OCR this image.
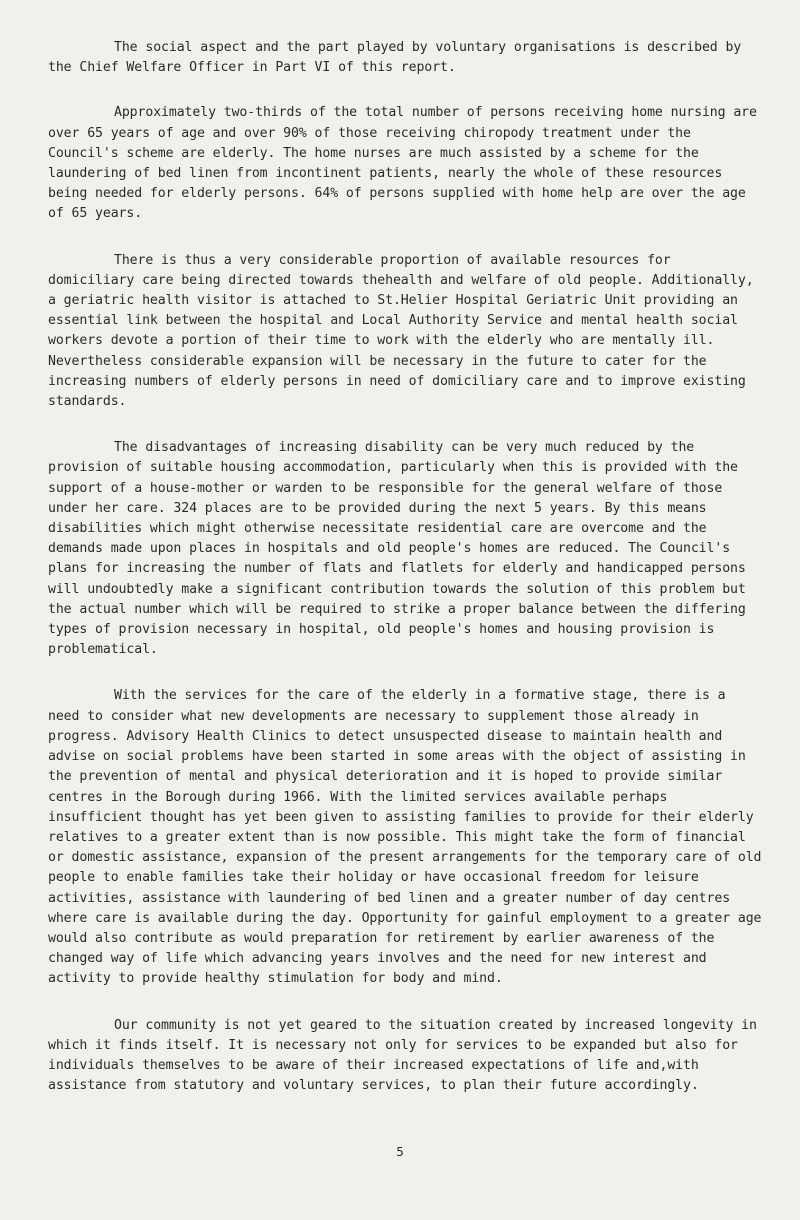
The social aspect and the part played by voluntary organisations is described by the Chief Welfare Officer in Part VI of this report.

Approximately two-thirds of the total number of persons receiving home nursing are over 65 years of age and over 90% of those receiving chiropody treatment under the Council's scheme are elderly. The home nurses are much assisted by a scheme for the laundering of bed linen from incontinent patients, nearly the whole of these resources being needed for elderly persons. 64% of persons supplied with home help are over the age of 65 years.

There is thus a very considerable proportion of available resources for domiciliary care being directed towards thehealth and welfare of old people. Additionally, a geriatric health visitor is attached to St.Helier Hospital Geriatric Unit providing an essential link between the hospital and Local Authority Service and mental health social workers devote a portion of their time to work with the elderly who are mentally ill. Nevertheless considerable expansion will be necessary in the future to cater for the increasing numbers of elderly persons in need of domiciliary care and to improve existing standards.

The disadvantages of increasing disability can be very much reduced by the provision of suitable housing accommodation, particularly when this is provided with the support of a house-mother or warden to be responsible for the general welfare of those under her care. 324 places are to be provided during the next 5 years. By this means disabilities which might otherwise necessitate residential care are overcome and the demands made upon places in hospitals and old people's homes are reduced. The Council's plans for increasing the number of flats and flatlets for elderly and handicapped persons will undoubtedly make a significant contribution towards the solution of this problem but the actual number which will be required to strike a proper balance between the differing types of provision necessary in hospital, old people's homes and housing provision is problematical.

With the services for the care of the elderly in a formative stage, there is a need to consider what new developments are necessary to supplement those already in progress. Advisory Health Clinics to detect unsuspected disease to maintain health and advise on social problems have been started in some areas with the object of assisting in the prevention of mental and physical deterioration and it is hoped to provide similar centres in the Borough during 1966. With the limited services available perhaps insufficient thought has yet been given to assisting families to provide for their elderly relatives to a greater extent than is now possible. This might take the form of financial or domestic assistance, expansion of the present arrangements for the temporary care of old people to enable families take their holiday or have occasional freedom for leisure activities, assistance with laundering of bed linen and a greater number of day centres where care is available during the day. Opportunity for gainful employment to a greater age would also contribute as would preparation for retirement by earlier awareness of the changed way of life which advancing years involves and the need for new interest and activity to provide healthy stimulation for body and mind.

Our community is not yet geared to the situation created by increased longevity in which it finds itself. It is necessary not only for services to be expanded but also for individuals themselves to be aware of their increased expectations of life and,with assistance from statutory and voluntary services, to plan their future accordingly.

5
